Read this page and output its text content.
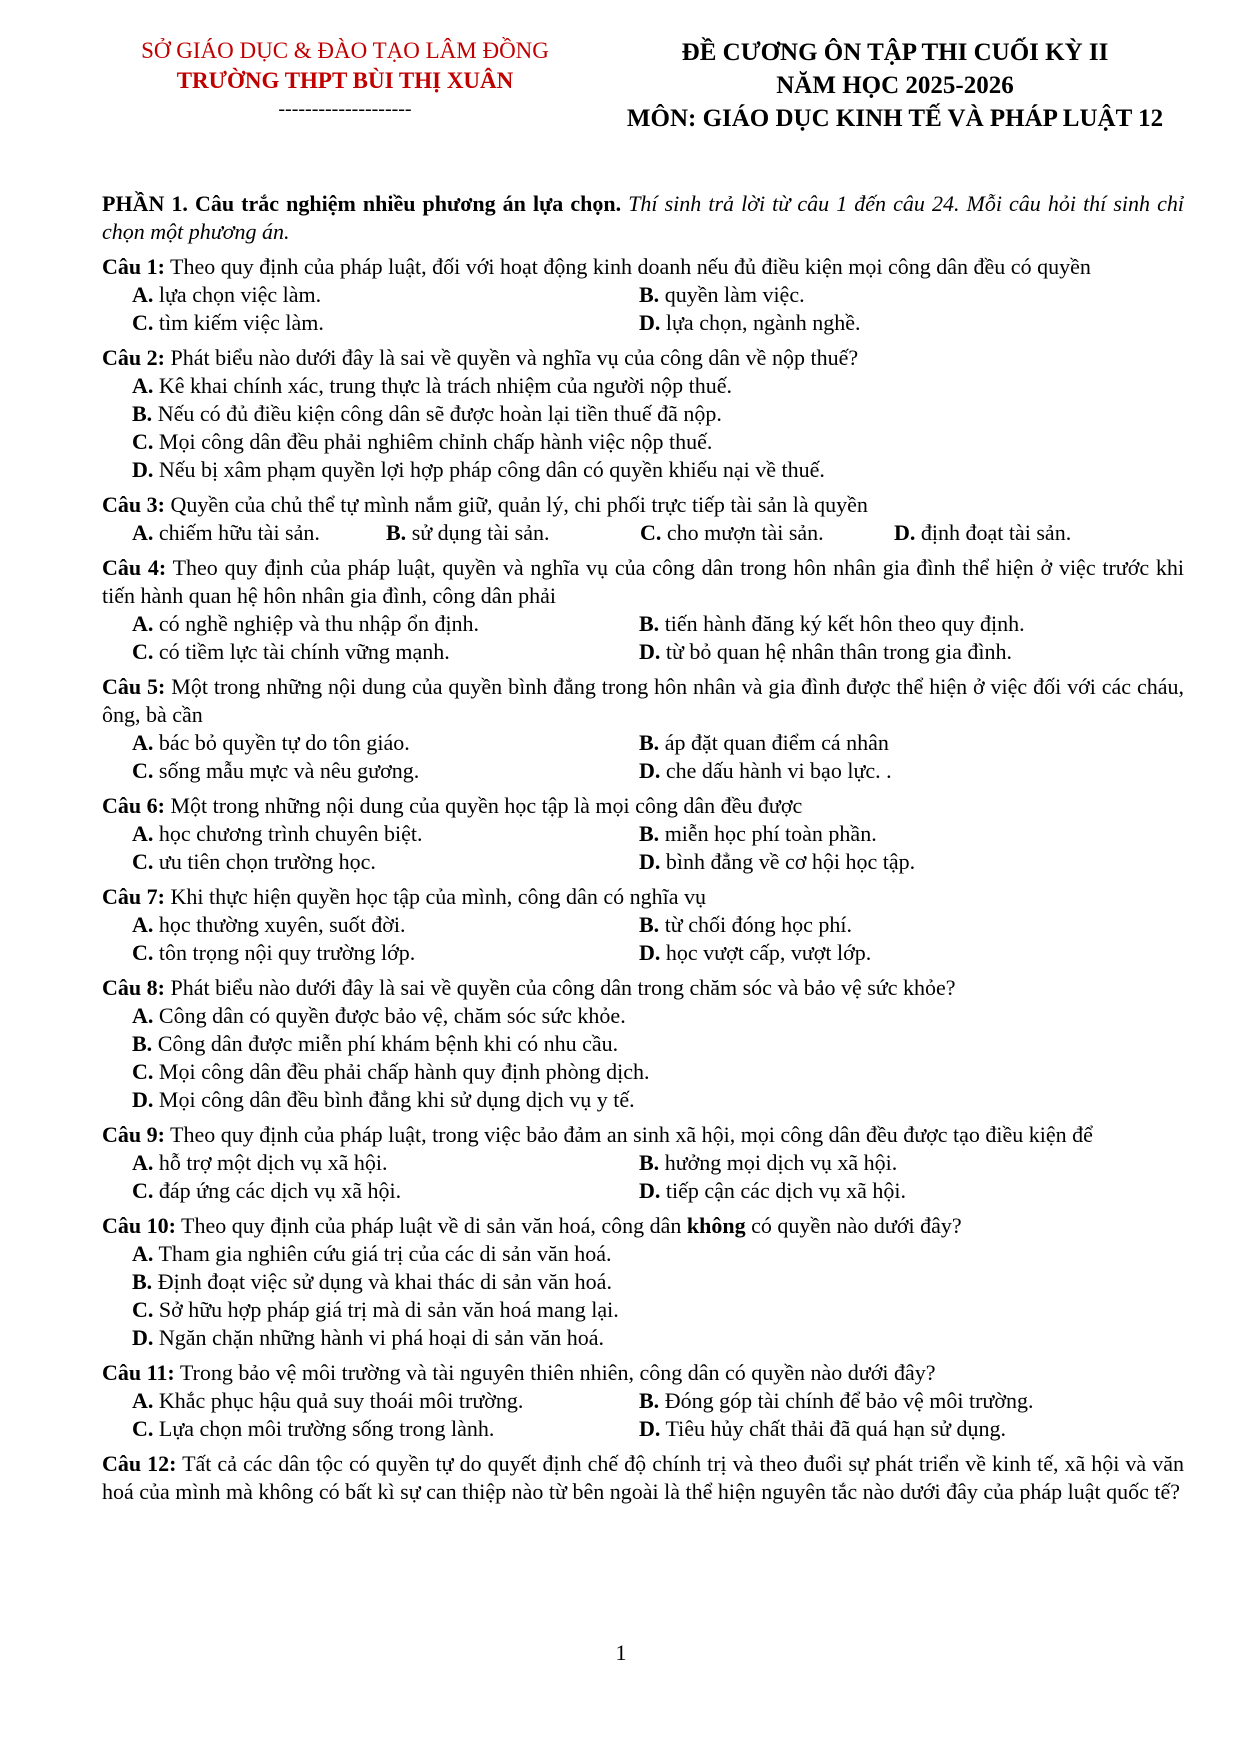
SỞ GIÁO DỤC & ĐÀO TẠO LÂM ĐỒNG
TRƯỜNG THPT BÙI THỊ XUÂN
--------------------
ĐỀ CƯƠNG ÔN TẬP THI CUỐI KỲ II
NĂM HỌC 2025-2026
MÔN: GIÁO DỤC KINH TẾ VÀ PHÁP LUẬT 12

PHẦN 1. Câu trắc nghiệm nhiều phương án lựa chọn. Thí sinh trả lời từ câu 1 đến câu 24. Mỗi câu hỏi thí sinh chỉ chọn một phương án.

Câu 1: Theo quy định của pháp luật, đối với hoạt động kinh doanh nếu đủ điều kiện mọi công dân đều có quyền

A. lựa chọn việc làm.	B. quyền làm việc.
C. tìm kiếm việc làm.	D. lựa chọn, ngành nghề.

Câu 2: Phát biểu nào dưới đây là sai về quyền và nghĩa vụ của công dân về nộp thuế?

A. Kê khai chính xác, trung thực là trách nhiệm của người nộp thuế.
B. Nếu có đủ điều kiện công dân sẽ được hoàn lại tiền thuế đã nộp.
C. Mọi công dân đều phải nghiêm chỉnh chấp hành việc nộp thuế.
D. Nếu bị xâm phạm quyền lợi hợp pháp công dân có quyền khiếu nại về thuế.

Câu 3: Quyền của chủ thể tự mình nắm giữ, quản lý, chi phối trực tiếp tài sản là quyền

A. chiếm hữu tài sản.	B. sử dụng tài sản.	C. cho mượn tài sản.	D. định đoạt tài sản.

Câu 4: Theo quy định của pháp luật, quyền và nghĩa vụ của công dân trong hôn nhân gia đình thể hiện ở việc trước khi tiến hành quan hệ hôn nhân gia đình, công dân phải

A. có nghề nghiệp và thu nhập ổn định.	B. tiến hành đăng ký kết hôn theo quy định.
C. có tiềm lực tài chính vững mạnh.	D. từ bỏ quan hệ nhân thân trong gia đình.

Câu 5: Một trong những nội dung của quyền bình đẳng trong hôn nhân và gia đình được thể hiện ở việc đối với các cháu, ông, bà cần

A. bác bỏ quyền tự do tôn giáo.	B. áp đặt quan điểm cá nhân
C. sống mẫu mực và nêu gương.	D. che dấu hành vi bạo lực. .

Câu 6: Một trong những nội dung của quyền học tập là mọi công dân đều được

A. học chương trình chuyên biệt.	B. miễn học phí toàn phần.
C. ưu tiên chọn trường học.	D. bình đẳng về cơ hội học tập.

Câu 7: Khi thực hiện quyền học tập của mình, công dân có nghĩa vụ

A. học thường xuyên, suốt đời.	B. từ chối đóng học phí.
C. tôn trọng nội quy trường lớp.	D. học vượt cấp, vượt lớp.

Câu 8: Phát biểu nào dưới đây là sai về quyền của công dân trong chăm sóc và bảo vệ sức khỏe?

A. Công dân có quyền được bảo vệ, chăm sóc sức khỏe.
B. Công dân được miễn phí khám bệnh khi có nhu cầu.
C. Mọi công dân đều phải chấp hành quy định phòng dịch.
D. Mọi công dân đều bình đẳng khi sử dụng dịch vụ y tế.

Câu 9: Theo quy định của pháp luật, trong việc bảo đảm an sinh xã hội, mọi công dân đều được tạo điều kiện để

A. hỗ trợ một dịch vụ xã hội.	B. hưởng mọi dịch vụ xã hội.
C. đáp ứng các dịch vụ xã hội.	D. tiếp cận các dịch vụ xã hội.

Câu 10: Theo quy định của pháp luật về di sản văn hoá, công dân không có quyền nào dưới đây?

A. Tham gia nghiên cứu giá trị của các di sản văn hoá.
B. Định đoạt việc sử dụng và khai thác di sản văn hoá.
C. Sở hữu hợp pháp giá trị mà di sản văn hoá mang lại.
D. Ngăn chặn những hành vi phá hoại di sản văn hoá.

Câu 11: Trong bảo vệ môi trường và tài nguyên thiên nhiên, công dân có quyền nào dưới đây?

A. Khắc phục hậu quả suy thoái môi trường.	B. Đóng góp tài chính để bảo vệ môi trường.
C. Lựa chọn môi trường sống trong lành.	D. Tiêu hủy chất thải đã quá hạn sử dụng.

Câu 12: Tất cả các dân tộc có quyền tự do quyết định chế độ chính trị và theo đuổi sự phát triển về kinh tế, xã hội và văn hoá của mình mà không có bất kì sự can thiệp nào từ bên ngoài là thể hiện nguyên tắc nào dưới đây của pháp luật quốc tế?

1
